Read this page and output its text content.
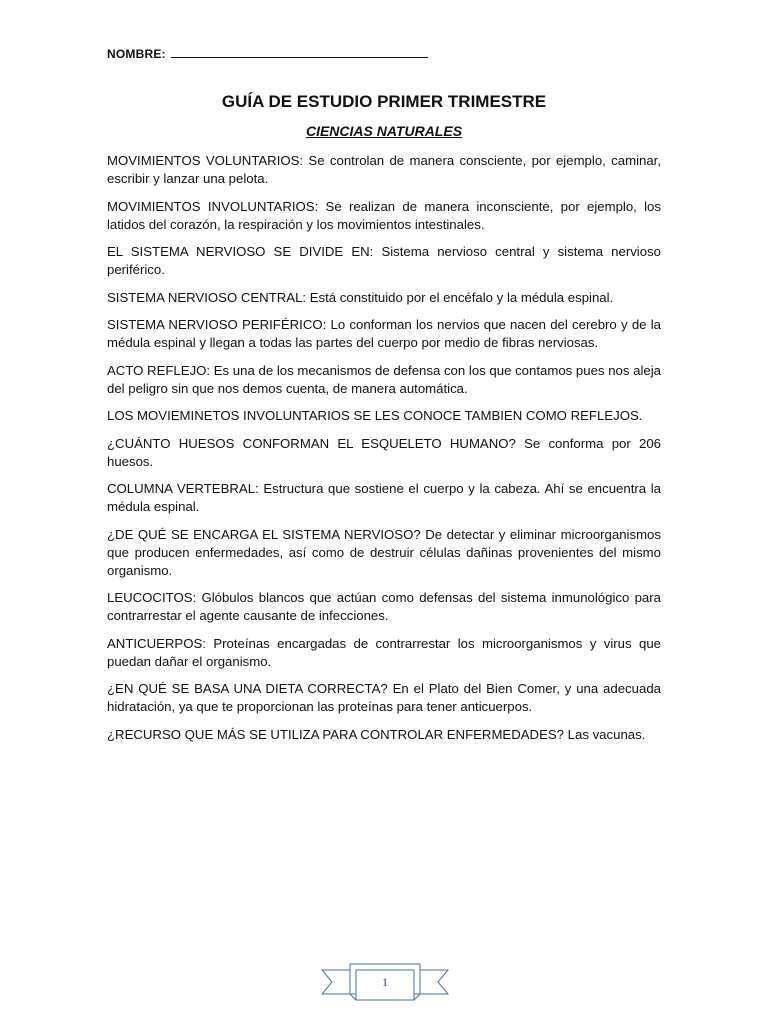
NOMBRE:
GUÍA DE ESTUDIO PRIMER TRIMESTRE
CIENCIAS NATURALES

MOVIMIENTOS VOLUNTARIOS: Se controlan de manera consciente, por ejemplo, caminar, escribir y lanzar una pelota.

MOVIMIENTOS INVOLUNTARIOS: Se realizan de manera inconsciente, por ejemplo, los latidos del corazón, la respiración y los movimientos intestinales.

EL SISTEMA NERVIOSO SE DIVIDE EN: Sistema nervioso central y sistema nervioso periférico.

SISTEMA NERVIOSO CENTRAL: Está constituido por el encéfalo y la médula espinal.

SISTEMA NERVIOSO PERIFÉRICO: Lo conforman los nervios que nacen del cerebro y de la médula espinal y llegan a todas las partes del cuerpo por medio de fibras nerviosas.

ACTO REFLEJO: Es una de los mecanismos de defensa con los que contamos pues nos aleja del peligro sin que nos demos cuenta, de manera automática.

LOS MOVIEMINETOS INVOLUNTARIOS SE LES CONOCE TAMBIEN COMO REFLEJOS.

¿CUÁNTO HUESOS CONFORMAN EL ESQUELETO HUMANO? Se conforma por 206 huesos.

COLUMNA VERTEBRAL: Estructura que sostiene el cuerpo y la cabeza. Ahí se encuentra la médula espinal.

¿DE QUÉ SE ENCARGA EL SISTEMA NERVIOSO? De detectar y eliminar microorganismos que producen enfermedades, así como de destruir células dañinas provenientes del mismo organismo.

LEUCOCITOS: Glóbulos blancos que actúan como defensas del sistema inmunológico para contrarrestar el agente causante de infecciones.

ANTICUERPOS: Proteínas encargadas de contrarrestar los microorganismos y virus que puedan dañar el organismo.

¿EN QUÉ SE BASA UNA DIETA CORRECTA? En el Plato del Bien Comer, y una adecuada hidratación, ya que te proporcionan las proteínas para tener anticuerpos.

¿RECURSO QUE MÁS SE UTILIZA PARA CONTROLAR ENFERMEDADES? Las vacunas.

1
